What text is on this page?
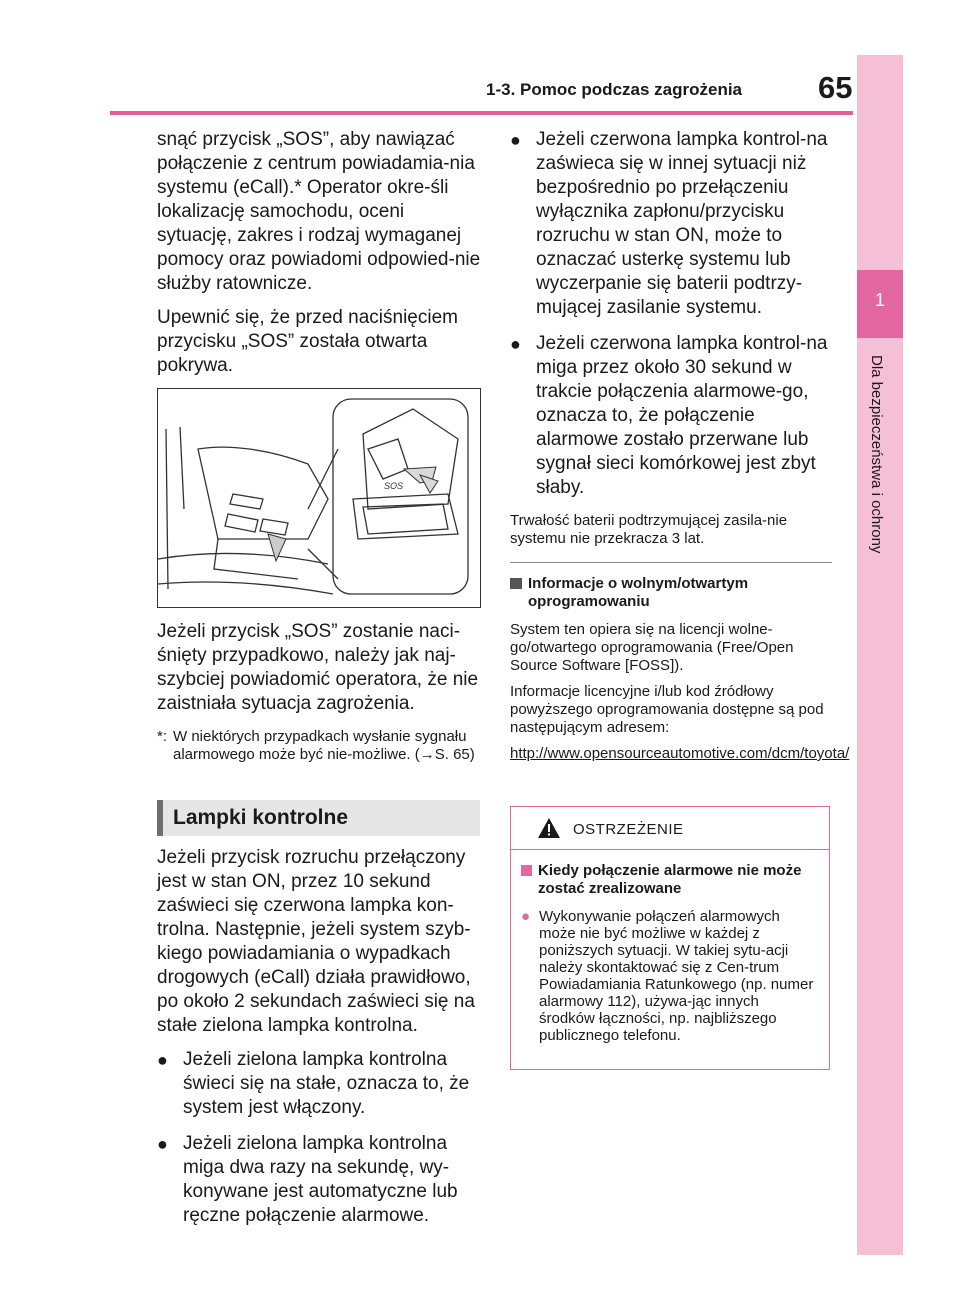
1-3. Pomoc podczas zagrożenia 65
1
Dla bezpieczeństwa i ochrony

snąć przycisk „SOS”, aby nawiązać połączenie z centrum powiadamia-nia systemu (eCall).* Operator okre-śli lokalizację samochodu, oceni sytuację, zakres i rodzaj wymaganej pomocy oraz powiadomi odpowied-nie służby ratownicze.

Upewnić się, że przed naciśnięciem przycisku „SOS” została otwarta pokrywa.

SOS

Jeżeli przycisk „SOS” zostanie naci-śnięty przypadkowo, należy jak naj-szybciej powiadomić operatora, że nie zaistniała sytuacja zagrożenia.

*: W niektórych przypadkach wysłanie sygnału alarmowego może być nie-możliwe. (→S. 65)
Lampki kontrolne

Jeżeli przycisk rozruchu przełączony jest w stan ON, przez 10 sekund zaświeci się czerwona lampka kon-trolna. Następnie, jeżeli system szyb-kiego powiadamiania o wypadkach drogowych (eCall) działa prawidłowo, po około 2 sekundach zaświeci się na stałe zielona lampka kontrolna.

● Jeżeli zielona lampka kontrolna świeci się na stałe, oznacza to, że system jest włączony.
● Jeżeli zielona lampka kontrolna miga dwa razy na sekundę, wy-konywane jest automatyczne lub ręczne połączenie alarmowe.
● Jeżeli czerwona lampka kontrol-na zaświeca się w innej sytuacji niż bezpośrednio po przełączeniu wyłącznika zapłonu/przycisku rozruchu w stan ON, może to oznaczać usterkę systemu lub wyczerpanie się baterii podtrzy-mującej zasilanie systemu.
● Jeżeli czerwona lampka kontrol-na miga przez około 30 sekund w trakcie połączenia alarmowe-go, oznacza to, że połączenie alarmowe zostało przerwane lub sygnał sieci komórkowej jest zbyt słaby.

Trwałość baterii podtrzymującej zasila-nie systemu nie przekracza 3 lat.

Informacje o wolnym/otwartym oprogramowaniu

System ten opiera się na licencji wolne-go/otwartego oprogramowania (Free/Open Source Software [FOSS]).

Informacje licencyjne i/lub kod źródłowy powyższego oprogramowania dostępne są pod następującym adresem:

http://www.opensourceautomotive.com/dcm/toyota/
OSTRZEŻENIE
Kiedy połączenie alarmowe nie może zostać zrealizowane
● Wykonywanie połączeń alarmowych może nie być możliwe w każdej z poniższych sytuacji. W takiej sytu-acji należy skontaktować się z Cen-trum Powiadamiania Ratunkowego (np. numer alarmowy 112), używa-jąc innych środków łączności, np. najbliższego publicznego telefonu.
